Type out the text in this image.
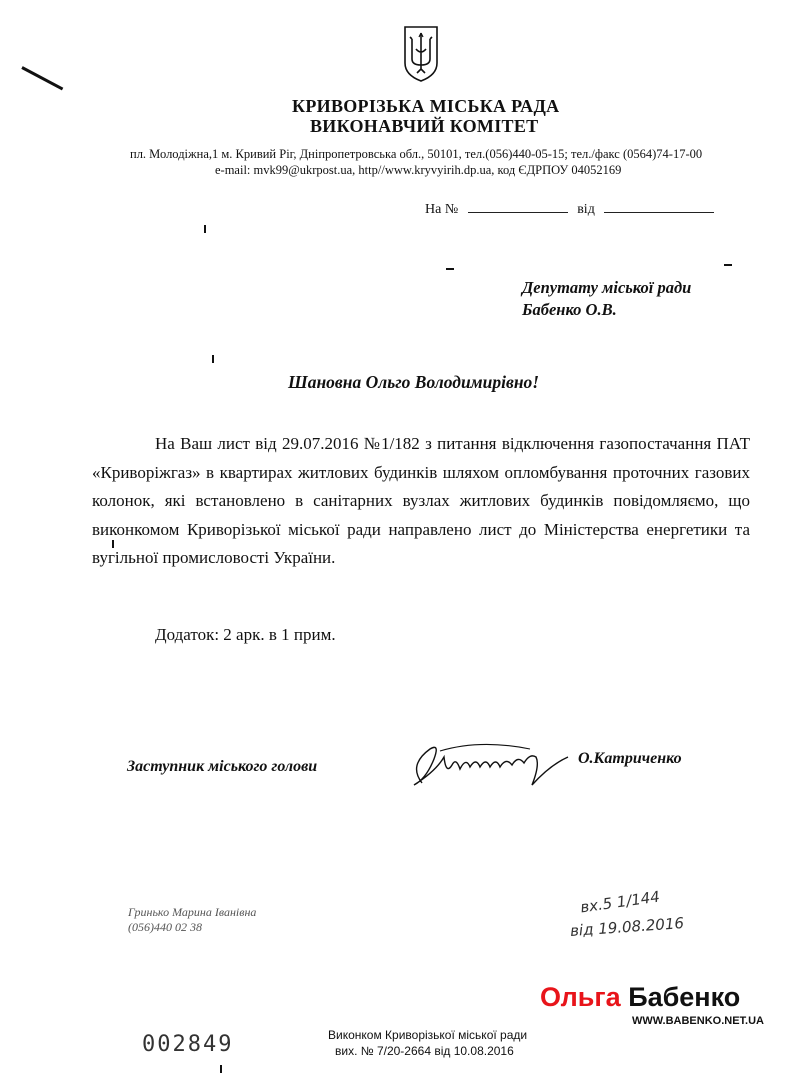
КРИВОРІЗЬКА МІСЬКА РАДА
ВИКОНАВЧИЙ КОМІТЕТ
пл. Молодіжна,1 м. Кривий Ріг, Дніпропетровська обл., 50101, тел.(056)440-05-15; тел./факс (0564)74-17-00
e-mail: mvk99@ukrpost.ua, http//www.kryvyirih.dp.ua, код ЄДРПОУ 04052169
На №	від
Депутату міської ради
Бабенко О.В.
Шановна Ольго Володимирівно!

На Ваш лист від 29.07.2016 №1/182 з питання відключення газопостачання ПАТ «Криворіжгаз» в квартирах житлових будинків шляхом опломбування проточних газових колонок, які встановлено в санітарних вузлах житлових будинків повідомляємо, що виконкомом Криворізької міської ради направлено лист до Міністерства енергетики та вугільної промисловості України.

Додаток: 2 арк. в 1 прим.
Заступник міського голови	О.Катриченко
Гринько Марина Іванівна
(056)440 02 38
вх.5 1/144
від 19.08.2016
Ольга Бабенко
WWW.BABENKO.NET.UA
002849	Виконком Криворізької міської ради
вих. № 7/20-2664 від 10.08.2016
